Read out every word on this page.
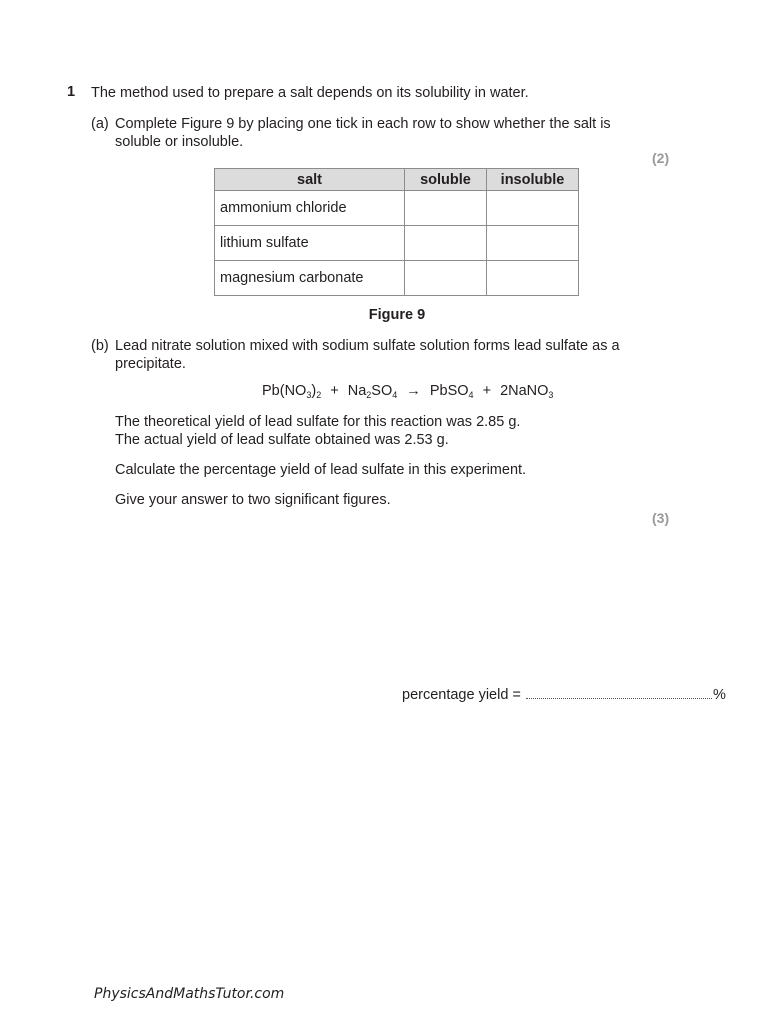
1 The method used to prepare a salt depends on its solubility in water.
(a) Complete Figure 9 by placing one tick in each row to show whether the salt is
soluble or insoluble.
(2)
salt	soluble	insoluble
ammonium chloride		
lithium sulfate		
magnesium carbonate		
Figure 9
(b) Lead nitrate solution mixed with sodium sulfate solution forms lead sulfate as a
precipitate.
$Pb(NO_3)_2 + Na_2SO_4$ → PbSO$_4$ + 2NaNO$_3$
The theoretical yield of lead sulfate for this reaction was 2.85 g.
The actual yield of lead sulfate obtained was 2.53 g.
Calculate the percentage yield of lead sulfate in this experiment.
Give your answer to two significant figures.
(3)
percentage yield =	%
PhysicsAndMathsTutor.com
